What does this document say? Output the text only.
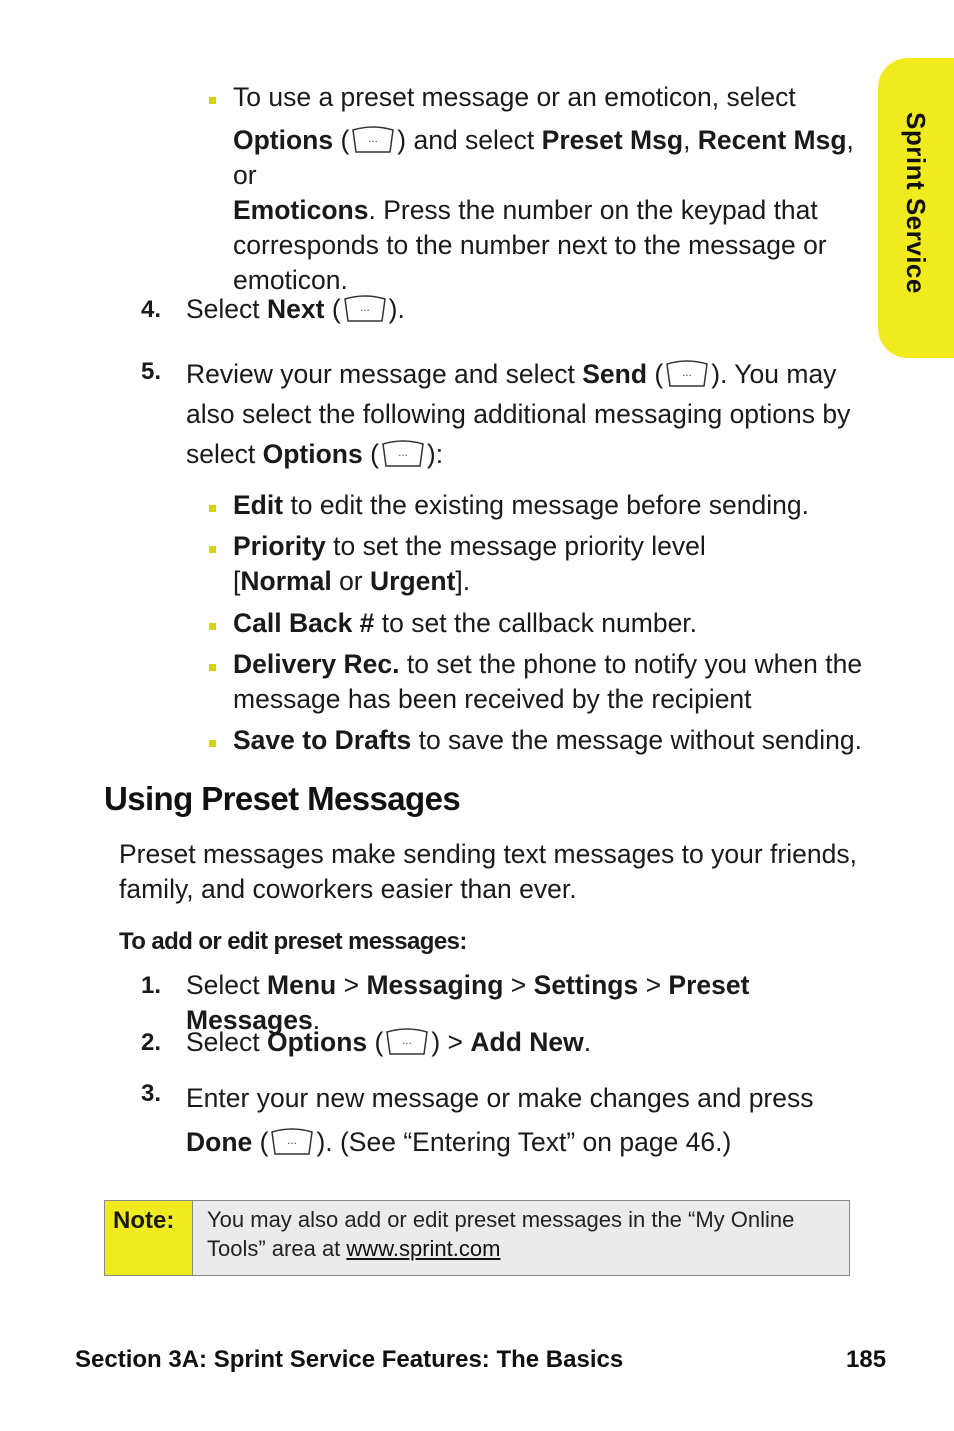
Sprint Service

To use a preset message or an emoticon, select
Options ( ··· ) and select Preset Msg, Recent Msg, or
Emoticons. Press the number on the keypad that corresponds to the number next to the message or emoticon.

4. Select Next ( ··· ).

5. Review your message and select Send ( ··· ). You may also select the following additional messaging options by select Options ( ··· ):

Edit to edit the existing message before sending.

Priority to set the message priority level
[Normal or Urgent].

Call Back # to set the callback number.

Delivery Rec. to set the phone to notify you when the message has been received by the recipient

Save to Drafts to save the message without sending.

Using Preset Messages

Preset messages make sending text messages to your friends, family, and coworkers easier than ever.

To add or edit preset messages:

1. Select Menu > Messaging > Settings > Preset Messages.

2. Select Options ( ··· ) > Add New.

3. Enter your new message or make changes and press
Done ( ··· ). (See “Entering Text” on page 46.)

Note:	You may also add or edit preset messages in the “My Online Tools” area at www.sprint.com
Section 3A: Sprint Service Features: The Basics	185
